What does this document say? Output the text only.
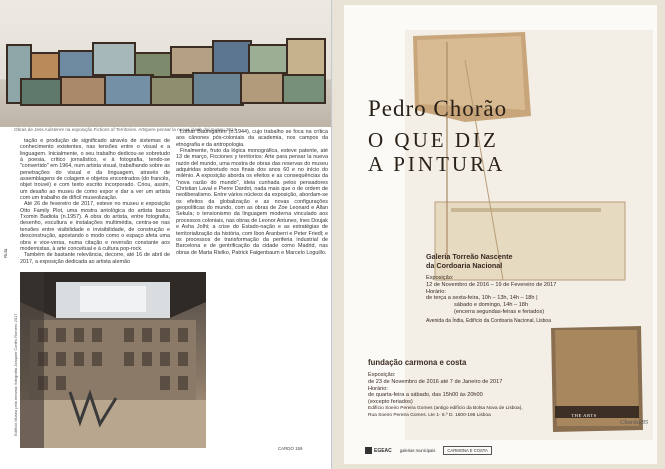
Obras de Jess Aulstenre na exposição Fictions of Territories. Artspere pensar la nueva idade del museu 2014
Ruta

tação e produção de significado através de sistemas de conhecimento existentes, nas tensões entre o visual e a linguagem. Inicialmente, o seu trabalho dedicou-se sobretudo à poesia, crítico jornalístico, e à fotografia, tendo-se "convertido" em 1964, num artista visual, trabalhando sobre as penetrações do visual e da linguagem, através de assemblagens de colagem e objetos encontrados (do francês, objet trouvé) e com texto escrito incorporado. Criou, assim, um desafio ao museu de como expor e dar a ver um artista com um trabalho de difícil museolização.

Até 26 de fevereiro de 2017, esteve no museu e exposição Otto Family Plot, uma mostra antológica do artista basco Txomin Badiola (n.1957). A obra do artista, entre fotografia, desenho, escultura e instalações multimédia, centra-se nas tensões entre visibilidade e invisibilidade, de construção e desconstrução, apostando o modo como o espaço afeta uma obra e vice-versa, numa citação e reversão constante aos modernistas, à arte conceitual e à cultura pop-rock.

Também de bastante relevância, decorre, até 16 de abril de 2017, a exposição dedicada ao artista alemão

Lothar Baumgarten (n.1944), cujo trabalho se foca na crítica aos cânones pós-coloniais da academia, nos campos da etnografia e da antropologia.

Finalmente, fruto da lógica monográfica, esteve patente, até 13 de março, Ficciones y territorios: Arte para pensar la nueva razón del mundo, uma mostra de obras das reservas do museu adquiridas sobretudo nos finais dos anos 60 e no início do milénio. A exposição aborda os efeitos e as consequências da "nova razão do mundo", ideia cunhada pelos pensadores Christian Laval e Pierre Dardot, nada mais que o de ordem de neoliberalismo. Entre vários núcleos da exposição, abordam-se os efeitos da globalização e as novas configurações geopolíticas do mundo, com as obras de Zoe Leonard e Allan Sekula; o tensionismo da linguagem moderna vinculado aos processos coloniais, nas obras de Leonor Antunes, Ines Doujak e Asha Jolhi; a crise do Estado-nação e as estratégias de territorialização da história, com Ibon Aranberri e Peter Friedl; e os processos de transformação da periferia industrial de Barcelona e de gentrificação da cidade como Madrid, nas obras de Marta Rielko, Patrick Faigenbaum e Marcelo Loguillo.

Edifício Museu pela mesma: fotografia Joaquim Cortês Romero 2017
CARDO 159
Pedro Chorão
O QUE DIZ
A PINTURA
Galeria Torreão Nascente
da Cordoaria Nacional
Exposição:
12 de Novembro de 2016 – 19 de Fevereiro de 2017
Horário:
de terça a sexta-feira, 10h – 13h, 14h – 18h |
sábado e domingo, 14h – 18h
(encerra segundas-feiras e feriados)
Avenida da Índia, Edifício da Cordoaria Nacional, Lisboa
fundação carmona e costa
Exposição:
de 23 de Novembro de 2016 até 7 de Janeiro de 2017
Horário:
de quarta-feira a sábado, das 15h00 às 20h00
(excepto feriados)
Edifício Soeiro Pereira Gomes (antigo edifício da Bolsa Nova de Lisboa),
Rua Soeiro Pereira Gomes. Lte 1- 6.º D. 1600-196 Lisboa	THE ARTS
Chorão/85
EGEAC galerias municipais	CARMONA E COSTA
